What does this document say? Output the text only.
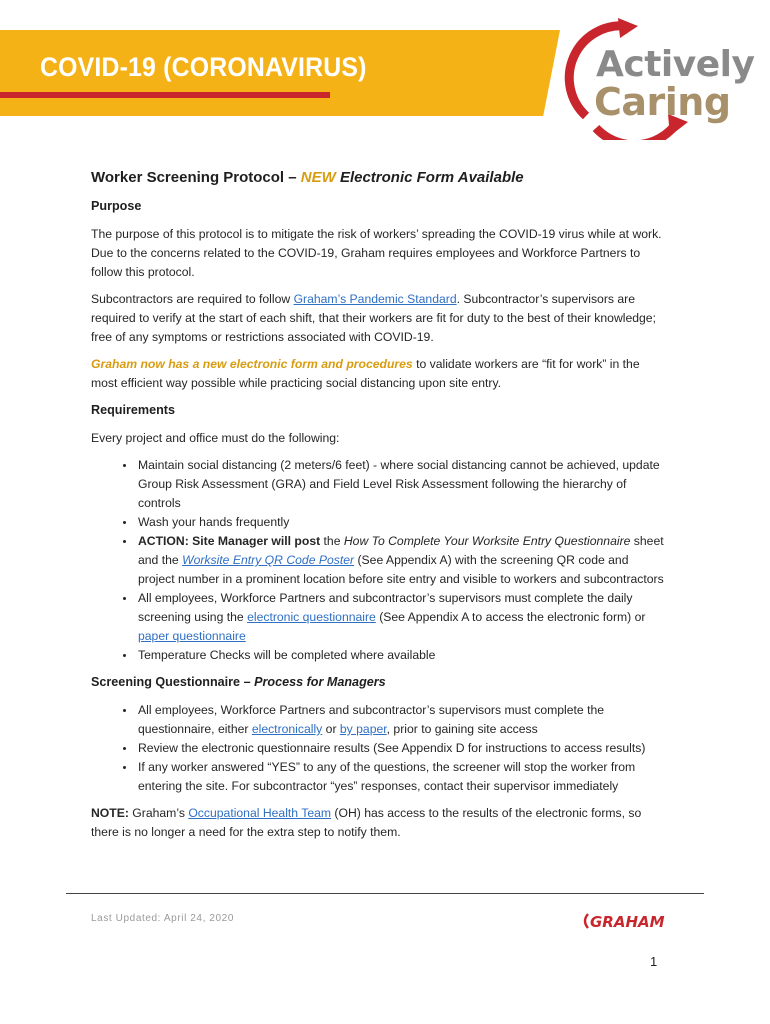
COVID-19 (CORONAVIRUS)	Actively
Caring
Worker Screening Protocol – NEW Electronic Form Available
Purpose

The purpose of this protocol is to mitigate the risk of workers’ spreading the COVID-19 virus while at work. Due to the concerns related to the COVID-19, Graham requires employees and Workforce Partners to follow this protocol.

Subcontractors are required to follow Graham’s Pandemic Standard. Subcontractor’s supervisors are required to verify at the start of each shift, that their workers are fit for duty to the best of their knowledge; free of any symptoms or restrictions associated with COVID-19.

Graham now has a new electronic form and procedures to validate workers are “fit for work” in the most efficient way possible while practicing social distancing upon site entry.

Requirements

Every project and office must do the following:

• Maintain social distancing (2 meters/6 feet) - where social distancing cannot be achieved, update Group Risk Assessment (GRA) and Field Level Risk Assessment following the hierarchy of controls
• Wash your hands frequently
• ACTION: Site Manager will post the How To Complete Your Worksite Entry Questionnaire sheet and the Worksite Entry QR Code Poster (See Appendix A) with the screening QR code and project number in a prominent location before site entry and visible to workers and subcontractors
• All employees, Workforce Partners and subcontractor’s supervisors must complete the daily screening using the electronic questionnaire (See Appendix A to access the electronic form) or paper questionnaire
• Temperature Checks will be completed where available
Screening Questionnaire – Process for Managers
• All employees, Workforce Partners and subcontractor’s supervisors must complete the questionnaire, either electronically or by paper, prior to gaining site access
• Review the electronic questionnaire results (See Appendix D for instructions to access results)
• If any worker answered “YES” to any of the questions, the screener will stop the worker from entering the site. For subcontractor “yes” responses, contact their supervisor immediately

NOTE: Graham’s Occupational Health Team (OH) has access to the results of the electronic forms, so there is no longer a need for the extra step to notify them.

Last Updated: April 24, 2020	GRAHAM
1
